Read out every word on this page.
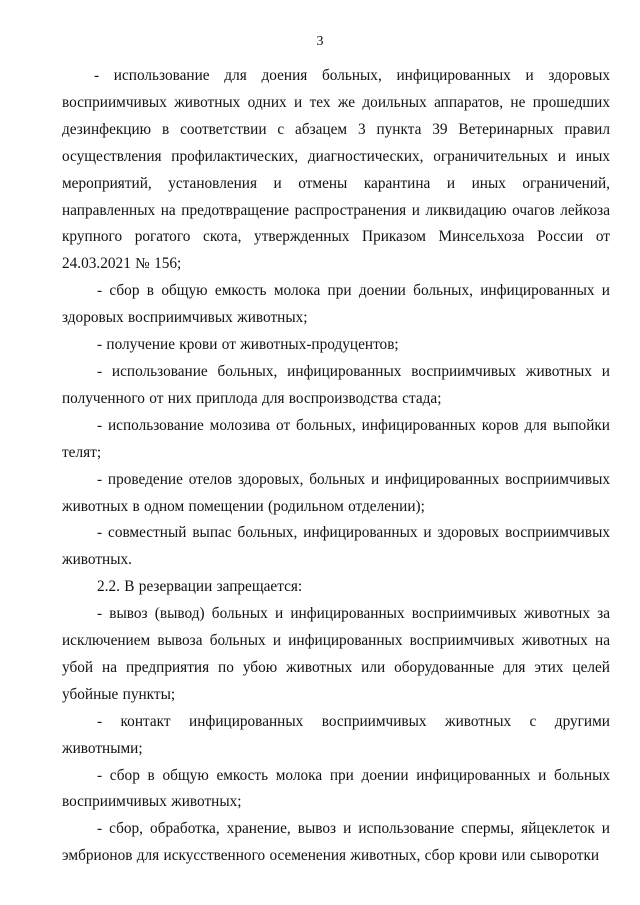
3

- использование для доения больных, инфицированных и здоровых восприимчивых животных одних и тех же доильных аппаратов, не прошедших дезинфекцию в соответствии с абзацем 3 пункта 39 Ветеринарных правил осуществления профилактических, диагностических, ограничительных и иных мероприятий, установления и отмены карантина и иных ограничений, направленных на предотвращение распространения и ликвидацию очагов лейкоза крупного рогатого скота, утвержденных Приказом Минсельхоза России от 24.03.2021 № 156;

- сбор в общую емкость молока при доении больных, инфицированных и здоровых восприимчивых животных;

- получение крови от животных-продуцентов;

- использование больных, инфицированных восприимчивых животных и полученного от них приплода для воспроизводства стада;

- использование молозива от больных, инфицированных коров для выпойки телят;

- проведение отелов здоровых, больных и инфицированных восприимчивых животных в одном помещении (родильном отделении);

- совместный выпас больных, инфицированных и здоровых восприимчивых животных.

2.2. В резервации запрещается:

- вывоз (вывод) больных и инфицированных восприимчивых животных за исключением вывоза больных и инфицированных восприимчивых животных на убой на предприятия по убою животных или оборудованные для этих целей убойные пункты;

- контакт инфицированных восприимчивых животных с другими животными;

- сбор в общую емкость молока при доении инфицированных и больных восприимчивых животных;

- сбор, обработка, хранение, вывоз и использование спермы, яйцеклеток и эмбрионов для искусственного осеменения животных, сбор крови или сыворотки
